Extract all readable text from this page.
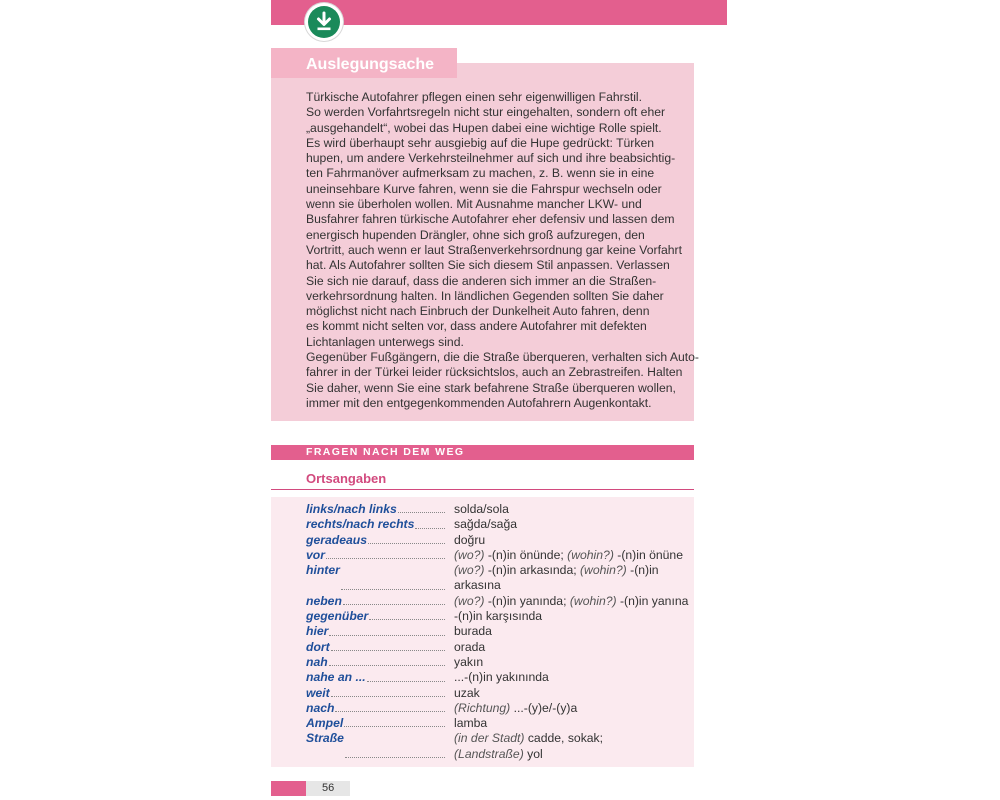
Auslegungsache
Türkische Autofahrer pflegen einen sehr eigenwilligen Fahrstil.
So werden Vorfahrtsregeln nicht stur eingehalten, sondern oft eher
„ausgehandelt“, wobei das Hupen dabei eine wichtige Rolle spielt.
Es wird überhaupt sehr ausgiebig auf die Hupe gedrückt: Türken
hupen, um andere Verkehrsteilnehmer auf sich und ihre beabsichtig-
ten Fahrmanöver aufmerksam zu machen, z. B. wenn sie in eine
uneinsehbare Kurve fahren, wenn sie die Fahrspur wechseln oder
wenn sie überholen wollen. Mit Ausnahme mancher LKW- und
Busfahrer fahren türkische Autofahrer eher defensiv und lassen dem
energisch hupenden Drängler, ohne sich groß aufzuregen, den
Vortritt, auch wenn er laut Straßenverkehrsordnung gar keine Vorfahrt
hat. Als Autofahrer sollten Sie sich diesem Stil anpassen. Verlassen
Sie sich nie darauf, dass die anderen sich immer an die Straßen-
verkehrsordnung halten. In ländlichen Gegenden sollten Sie daher
möglichst nicht nach Einbruch der Dunkelheit Auto fahren, denn
es kommt nicht selten vor, dass andere Autofahrer mit defekten
Lichtanlagen unterwegs sind.
Gegenüber Fußgängern, die die Straße überqueren, verhalten sich Auto-
fahrer in der Türkei leider rücksichtslos, auch an Zebrastreifen. Halten
Sie daher, wenn Sie eine stark befahrene Straße überqueren wollen,
immer mit den entgegenkommenden Autofahrern Augenkontakt.
FRAGEN NACH DEM WEG
Ortsangaben
links/nach links	solda/sola
rechts/nach rechts	sağda/sağa
geradeaus	doğru
vor	(wo?) -(n)in önünde; (wohin?) -(n)in önüne
hinter	(wo?) -(n)in arkasında; (wohin?) -(n)in
arkasına
neben	(wo?) -(n)in yanında; (wohin?) -(n)in yanına
gegenüber	-(n)in karşısında
hier	burada
dort	orada
nah	yakın
nahe an ...	...-(n)in yakınında
weit	uzak
nach	(Richtung) ...-(y)e/-(y)a
Ampel	lamba
Straße	(in der Stadt) cadde, sokak;
(Landstraße) yol
56
